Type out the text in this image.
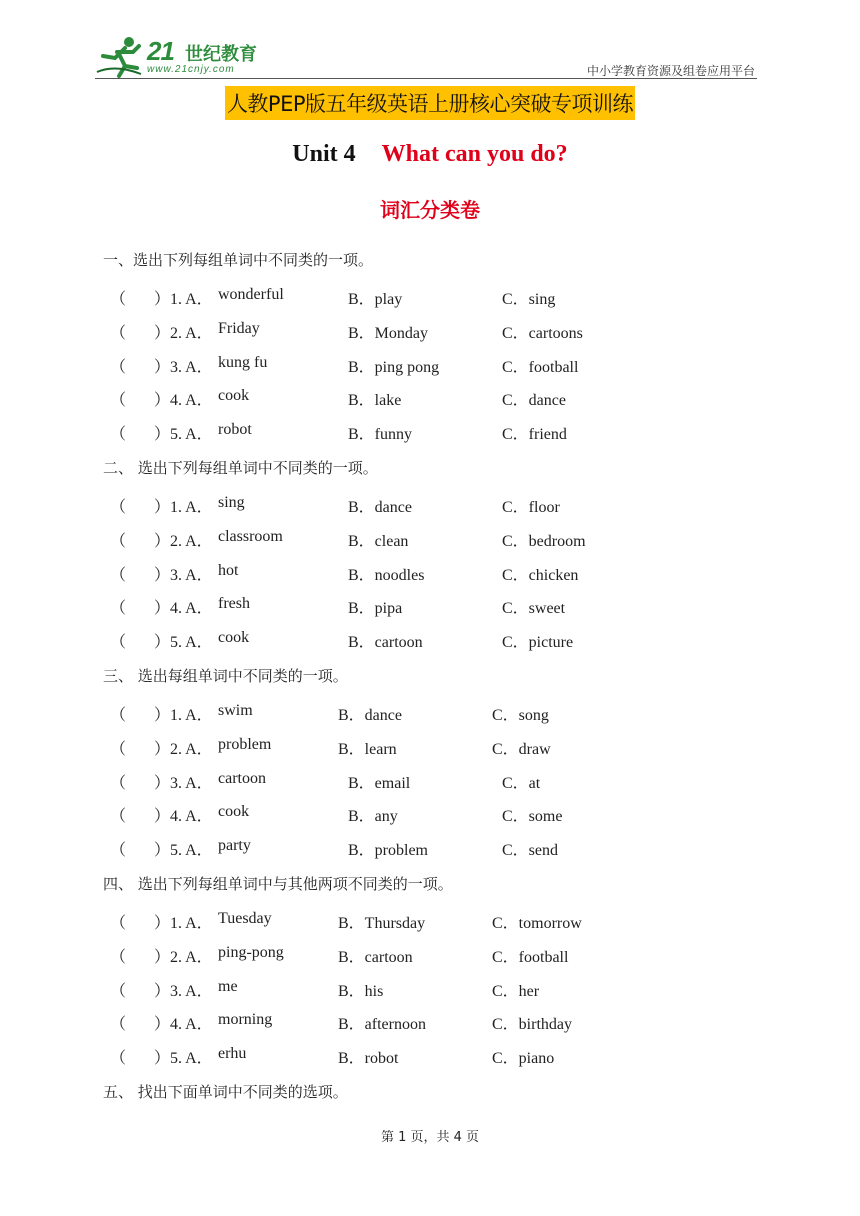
21 世纪教育
www.21cnjy.com	中小学教育资源及组卷应用平台
人教PEP版五年级英语上册核心突破专项训练
Unit 4 What can you do?
词汇分类卷
一、选出下列每组单词中不同类的一项。
（ ）1. A． wonderful	B．play	C．sing
（ ）2. A． Friday	B．Monday	C．cartoons
（ ）3. A． kung fu	B．ping pong	C．football
（ ）4. A． cook	B．lake	C．dance
（ ）5. A． robot	B．funny	C．friend
二、 选出下列每组单词中不同类的一项。
（ ）1. A． sing	B．dance	C．floor
（ ）2. A． classroom	B．clean	C．bedroom
（ ）3. A． hot	B．noodles	C．chicken
（ ）4. A． fresh	B．pipa	C．sweet
（ ）5. A． cook	B．cartoon	C．picture
三、 选出每组单词中不同类的一项。
（ ）1. A． swim	B．dance	C．song
（ ）2. A． problem	B．learn	C．draw
（ ）3. A． cartoon	B．email	C．at
（ ）4. A． cook	B．any	C．some
（ ）5. A． party	B．problem	C．send
四、 选出下列每组单词中与其他两项不同类的一项。
（ ）1. A． Tuesday	B．Thursday	C．tomorrow
（ ）2. A． ping-pong	B．cartoon	C．football
（ ）3. A． me	B．his	C．her
（ ）4. A． morning	B．afternoon	C．birthday
（ ）5. A． erhu	B．robot	C．piano
五、 找出下面单词中不同类的选项。
第 1 页，共 4 页
